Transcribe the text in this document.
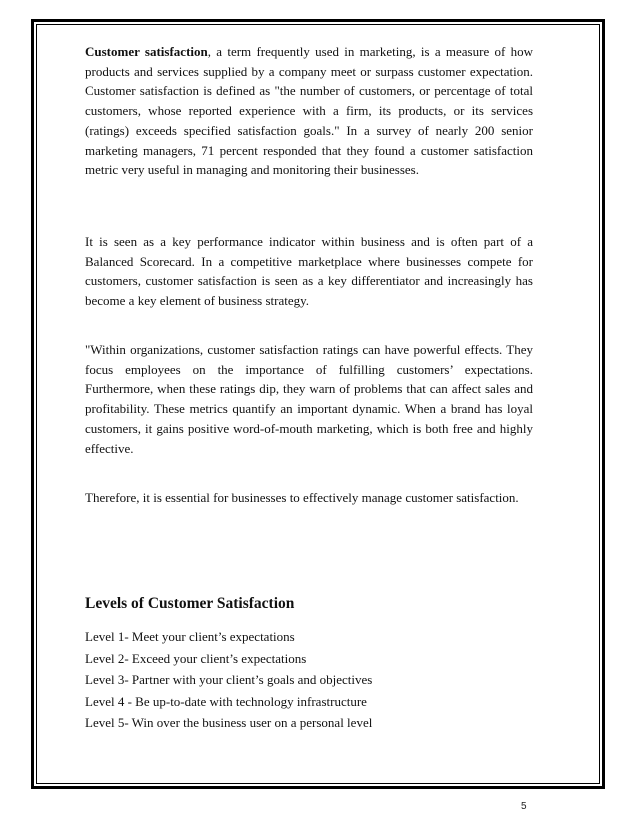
Customer satisfaction, a term frequently used in marketing, is a measure of how products and services supplied by a company meet or surpass customer expectation. Customer satisfaction is defined as "the number of customers, or percentage of total customers, whose reported experience with a firm, its products, or its services (ratings) exceeds specified satisfaction goals." In a survey of nearly 200 senior marketing managers, 71 percent responded that they found a customer satisfaction metric very useful in managing and monitoring their businesses.

It is seen as a key performance indicator within business and is often part of a Balanced Scorecard. In a competitive marketplace where businesses compete for customers, customer satisfaction is seen as a key differentiator and increasingly has become a key element of business strategy.

"Within organizations, customer satisfaction ratings can have powerful effects. They focus employees on the importance of fulfilling customers’ expectations. Furthermore, when these ratings dip, they warn of problems that can affect sales and profitability. These metrics quantify an important dynamic. When a brand has loyal customers, it gains positive word-of-mouth marketing, which is both free and highly effective.

Therefore, it is essential for businesses to effectively manage customer satisfaction.

Levels of Customer Satisfaction
Level 1- Meet your client’s expectations
Level 2- Exceed your client’s expectations
Level 3- Partner with your client’s goals and objectives
Level 4 - Be up-to-date with technology infrastructure
Level 5- Win over the business user on a personal level
5
